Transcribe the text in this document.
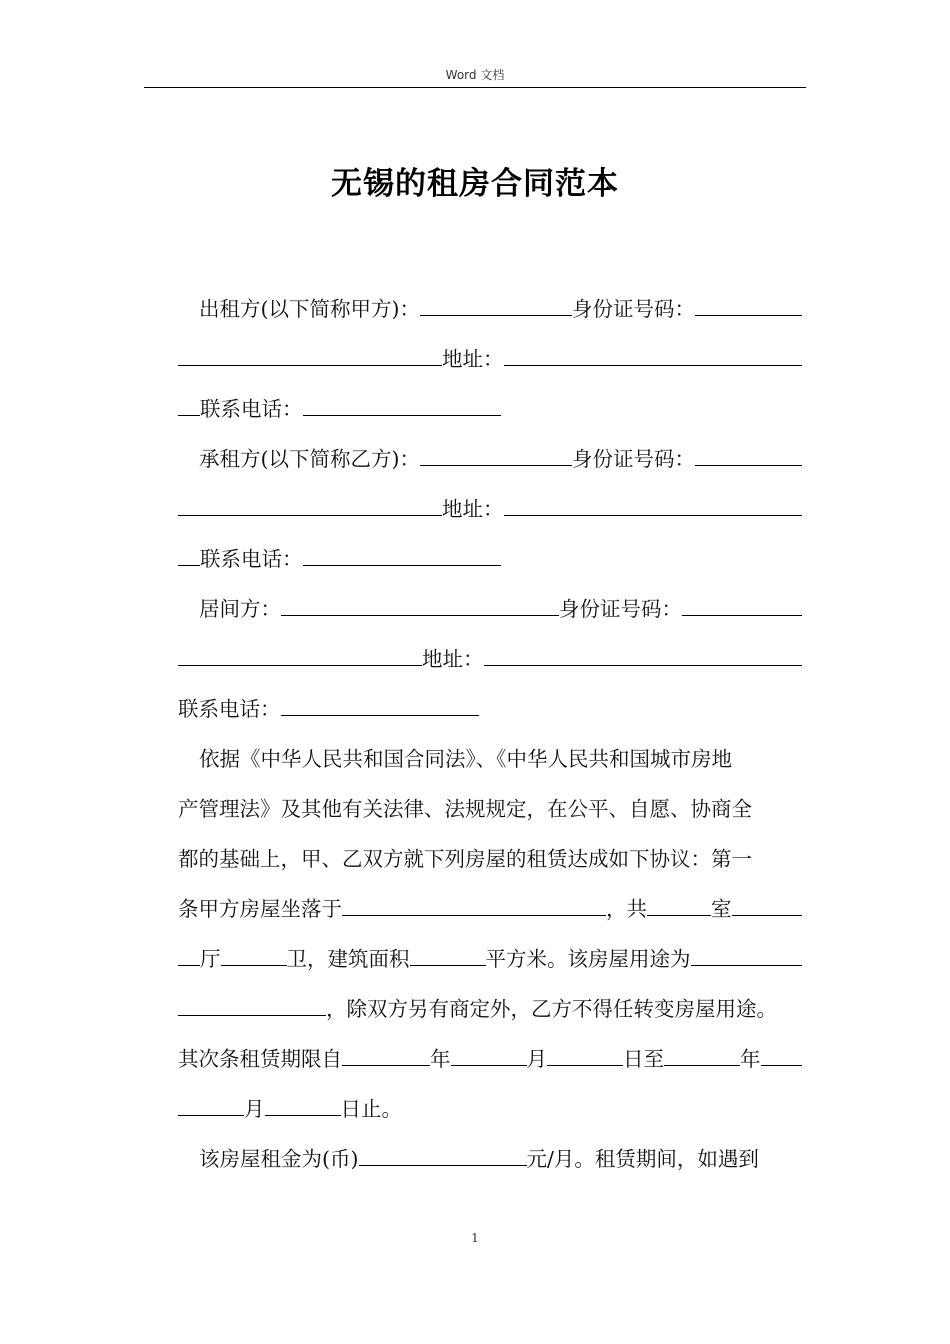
Word 文档
无锡的租房合同范本
出租方(以下简称甲方)：	身份证号码：
地址：
联系电话：
承租方(以下简称乙方)：	身份证号码：
地址：
联系电话：
居间方：	身份证号码：
地址：
联系电话：
依据《中华人民共和国合同法》、《中华人民共和国城市房地
产管理法》及其他有关法律、法规规定，在公平、自愿、协商全
都的基础上，甲、乙双方就下列房屋的租赁达成如下协议：第一
条甲方房屋坐落于	，共	室
厅	卫，建筑面积	平方米。该房屋用途为
，除双方另有商定外，乙方不得任转变房屋用途。
其次条租赁期限自	年	月	日至	年
月	日止。
该房屋租金为(币)	元/月。租赁期间，如遇到
1
